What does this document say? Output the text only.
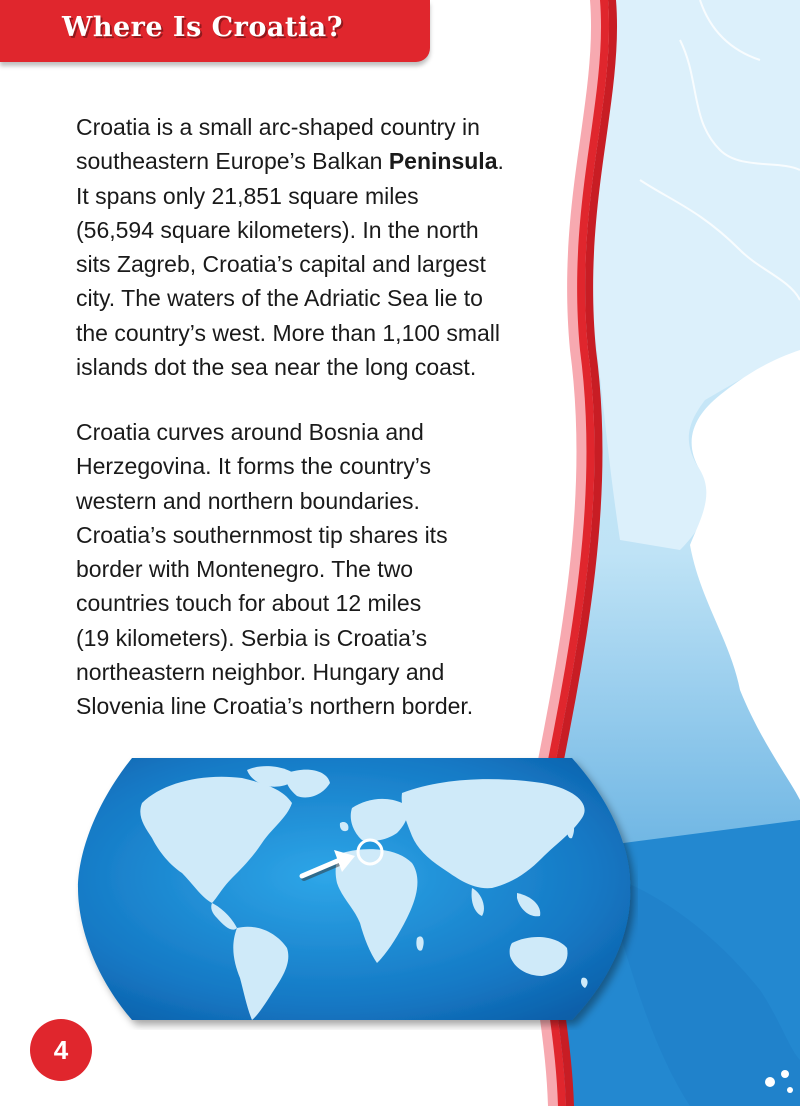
Where Is Croatia?

Croatia is a small arc-shaped country in
southeastern Europe’s Balkan Peninsula.
It spans only 21,851 square miles
(56,594 square kilometers). In the north
sits Zagreb, Croatia’s capital and largest
city. The waters of the Adriatic Sea lie to
the country’s west. More than 1,100 small
islands dot the sea near the long coast.

Croatia curves around Bosnia and
Herzegovina. It forms the country’s
western and northern boundaries.
Croatia’s southernmost tip shares its
border with Montenegro. The two
countries touch for about 12 miles
(19 kilometers). Serbia is Croatia’s
northeastern neighbor. Hungary and
Slovenia line Croatia’s northern border.

4
